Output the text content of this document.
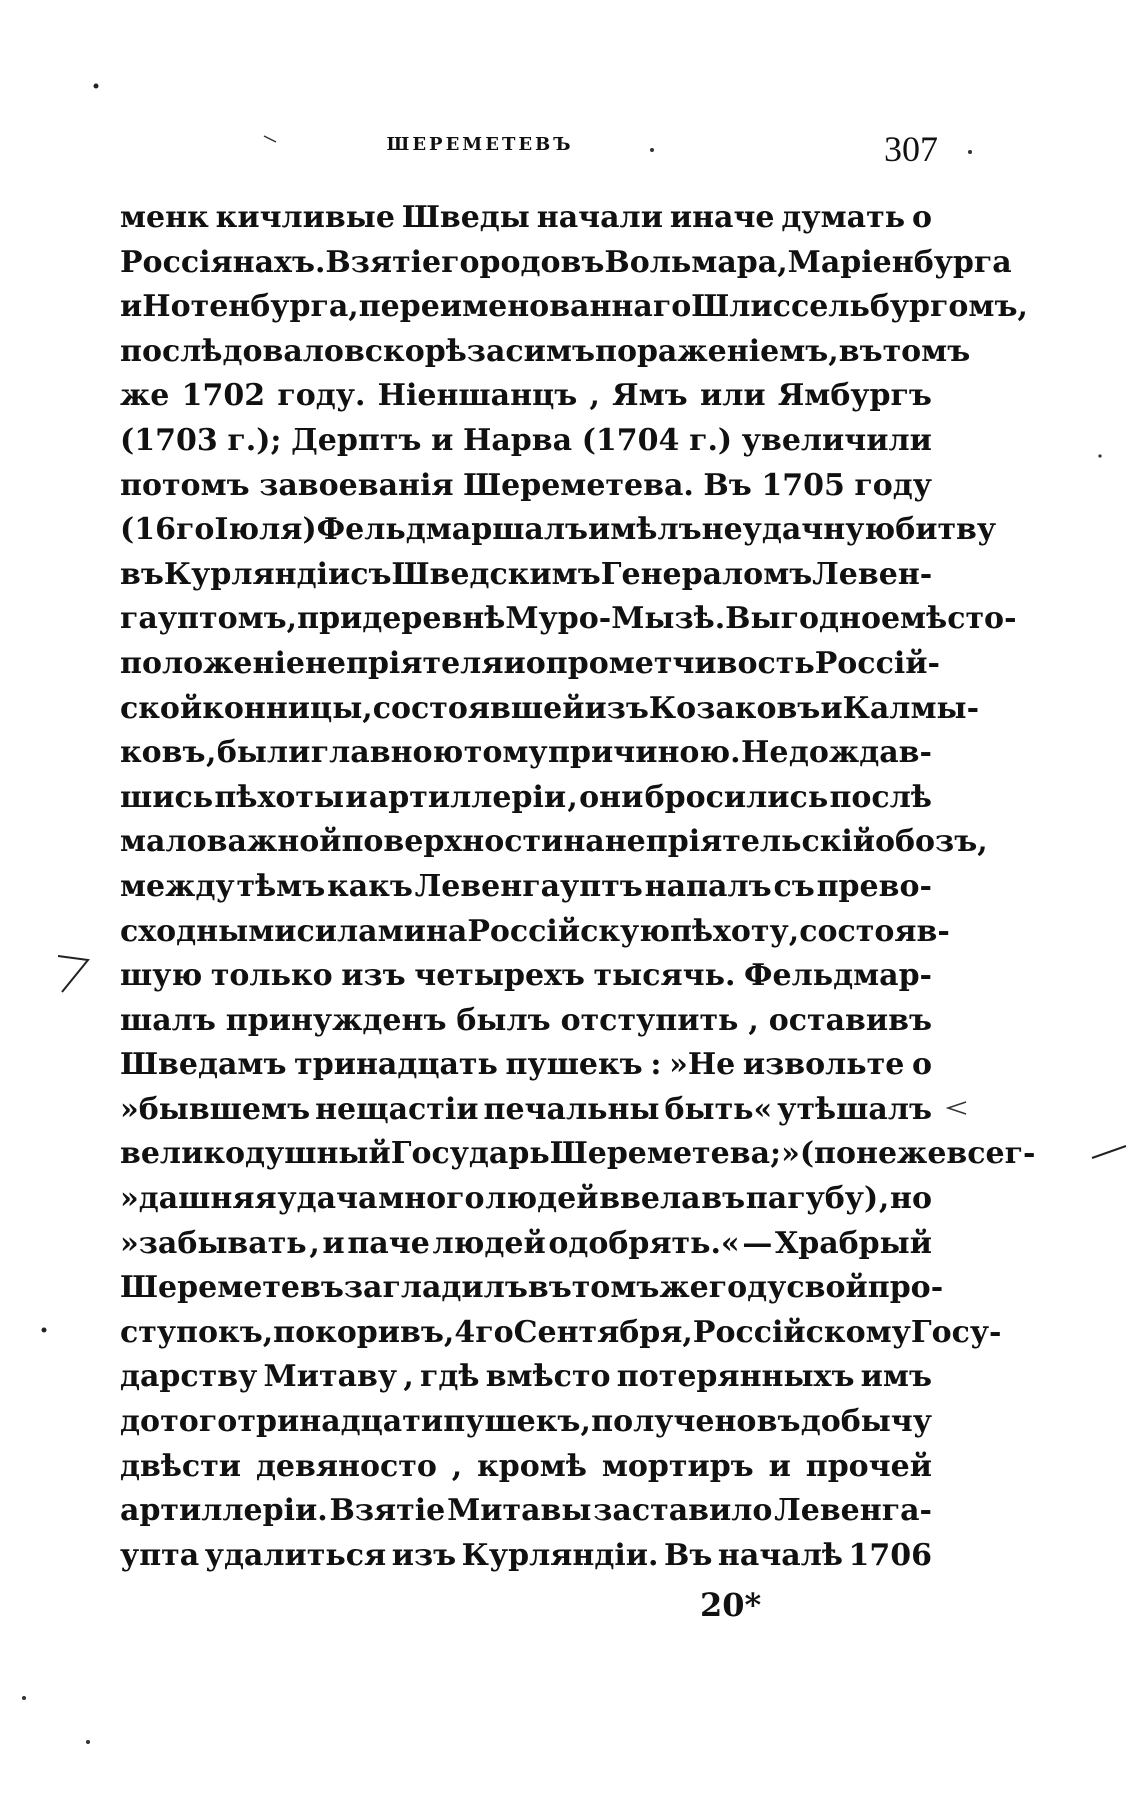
ШЕРЕМЕТЕВЪ	307
менк кичливые Шведы начали иначе думать о
Россіянахъ. Взятіе городовъ Вольмара, Маріенбурга
и Нотенбурга, переименованнаго Шлиссельбургомъ,
послѣдовало вскорѣ за симъ пораженіемъ, въ томъ
же 1702 году. Ніеншанцъ , Ямъ или Ямбургъ
(1703 г.); Дерптъ и Нарва (1704 г.) увеличили
потомъ завоеванія Шереметева. Въ 1705 году
(16го Іюля) Фельдмаршалъ имѣлъ неудачную битву
въ Курляндіи съ Шведскимъ Генераломъ Левен-
гауптомъ, при деревнѣ Муро-Мызѣ. Выгодное мѣсто-
положеніе непріятеля и опрометчивость Россій-
ской конницы, состоявшей изъ Козаковъ и Калмы-
ковъ , были главною тому причиною. Не дождав-
шись пѣхоты и артиллеріи , они бросились послѣ
маловажной поверхности на непріятельскій обозъ,
между тѣмъ какъ Левенгауптъ напалъ съ прево-
сходными силами на Россійскую пѣхоту , состояв-
шую только изъ четырехъ тысячь. Фельдмар-
шалъ принужденъ былъ отступить , оставивъ
Шведамъ тринадцать пушекъ : »Не извольте о
»бывшемъ нещастіи печальны быть« утѣшалъ
великодушный Государь Шереметева; »(понеже всег-
»дашняя удача много людей ввела въ пагубу) , но
»забывать , и паче людей одобрять.« — Храбрый
Шереметевъ загладилъ въ томъ же году свой про-
ступокъ, покоривъ, 4го Сентября, Россійскому Госу-
дарству Митаву , гдѣ вмѣсто потерянныхъ имъ
до того тринадцати пушекъ, получено въ добычу
двѣсти девяносто , кромѣ мортиръ и прочей
артиллеріи. Взятіе Митавы заставило Левенга-
уптa удалиться изъ Курляндіи. Въ началѣ 1706
20*
